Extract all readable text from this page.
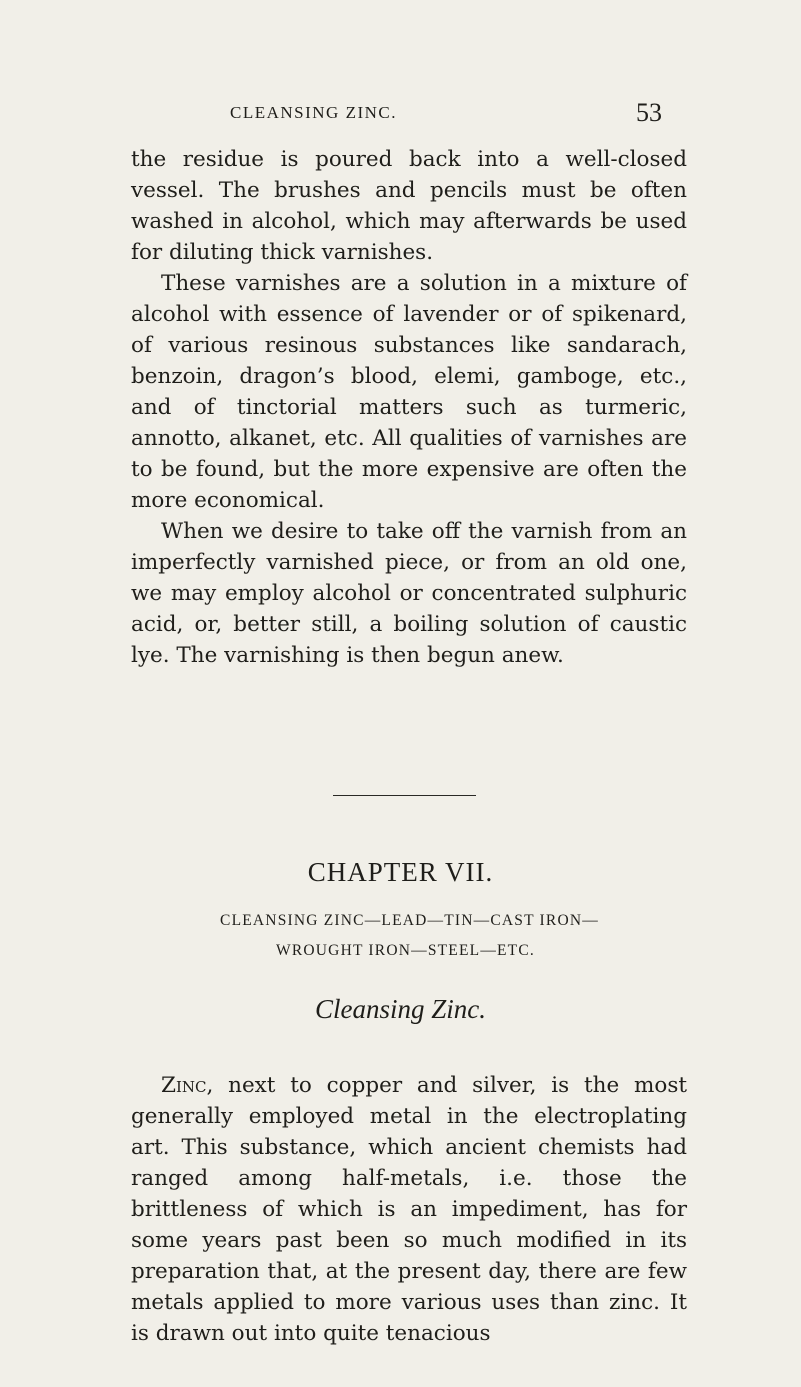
CLEANSING ZINC.	53

the residue is poured back into a well-closed vessel. The brushes and pencils must be often washed in alcohol, which may afterwards be used for diluting thick varnishes.

These varnishes are a solution in a mixture of alcohol with essence of lavender or of spikenard, of various resinous substances like sandarach, benzoin, dragon’s blood, elemi, gamboge, etc., and of tinctorial matters such as turmeric, annotto, alkanet, etc. All qualities of varnishes are to be found, but the more expensive are often the more economical.

When we desire to take off the varnish from an imperfectly varnished piece, or from an old one, we may employ alcohol or concentrated sulphuric acid, or, better still, a boiling solution of caustic lye. The varnishing is then begun anew.

CHAPTER VII.
CLEANSING ZINC—LEAD—TIN—CAST IRON—
WROUGHT IRON—STEEL—ETC.
Cleansing Zinc.

Zinc, next to copper and silver, is the most generally employed metal in the electroplating art. This substance, which ancient chemists had ranged among half-metals, i.e. those the brittleness of which is an impediment, has for some years past been so much modified in its preparation that, at the present day, there are few metals applied to more various uses than zinc. It is drawn out into quite tenacious
